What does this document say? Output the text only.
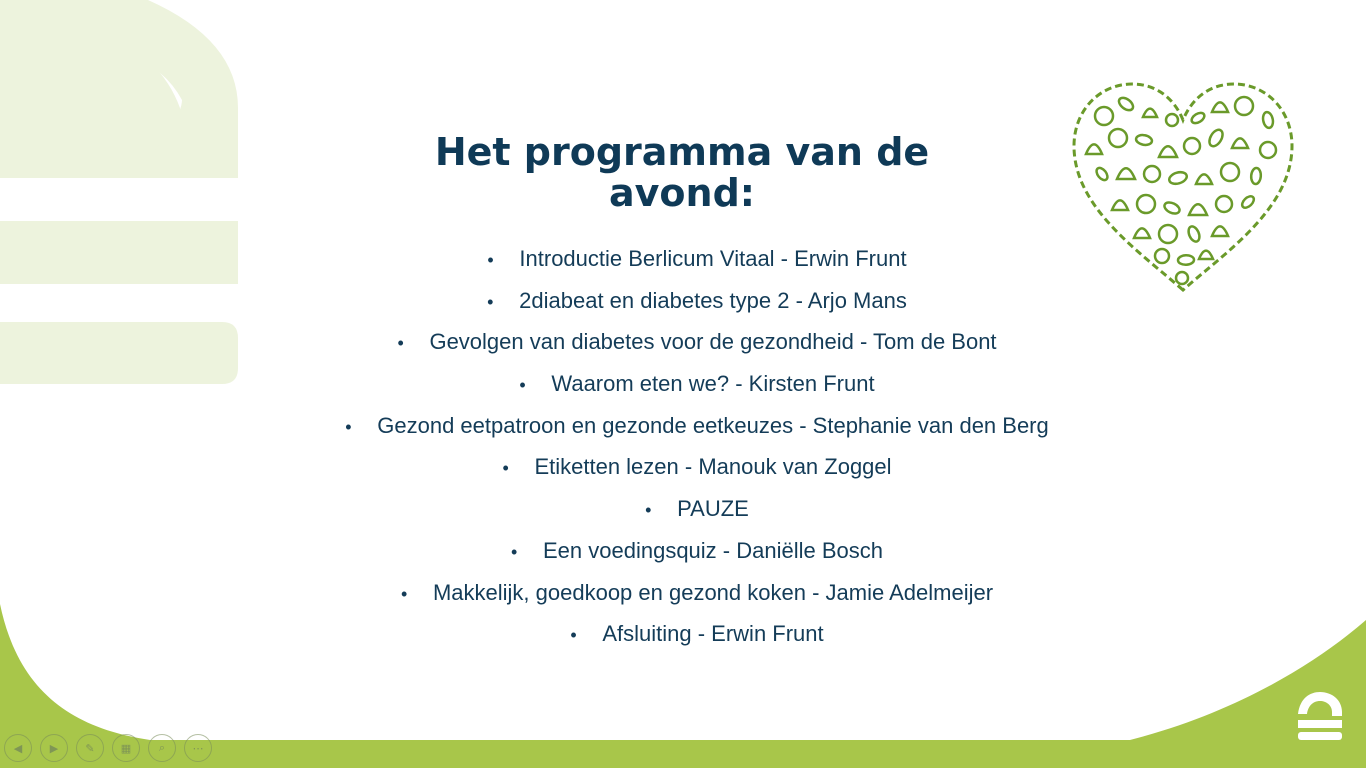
Het programma van de
avond:
• Introductie Berlicum Vitaal - Erwin Frunt
• 2diabeat en diabetes type 2 - Arjo Mans
• Gevolgen van diabetes voor de gezondheid - Tom de Bont
• Waarom eten we? - Kirsten Frunt
• Gezond eetpatroon en gezonde eetkeuzes - Stephanie van den Berg
• Etiketten lezen - Manouk van Zoggel
• PAUZE
• Een voedingsquiz - Daniëlle Bosch
• Makkelijk, goedkoop en gezond koken - Jamie Adelmeijer
• Afsluiting - Erwin Frunt
◀	▶ ✎ ▦	⌕ ⋯
